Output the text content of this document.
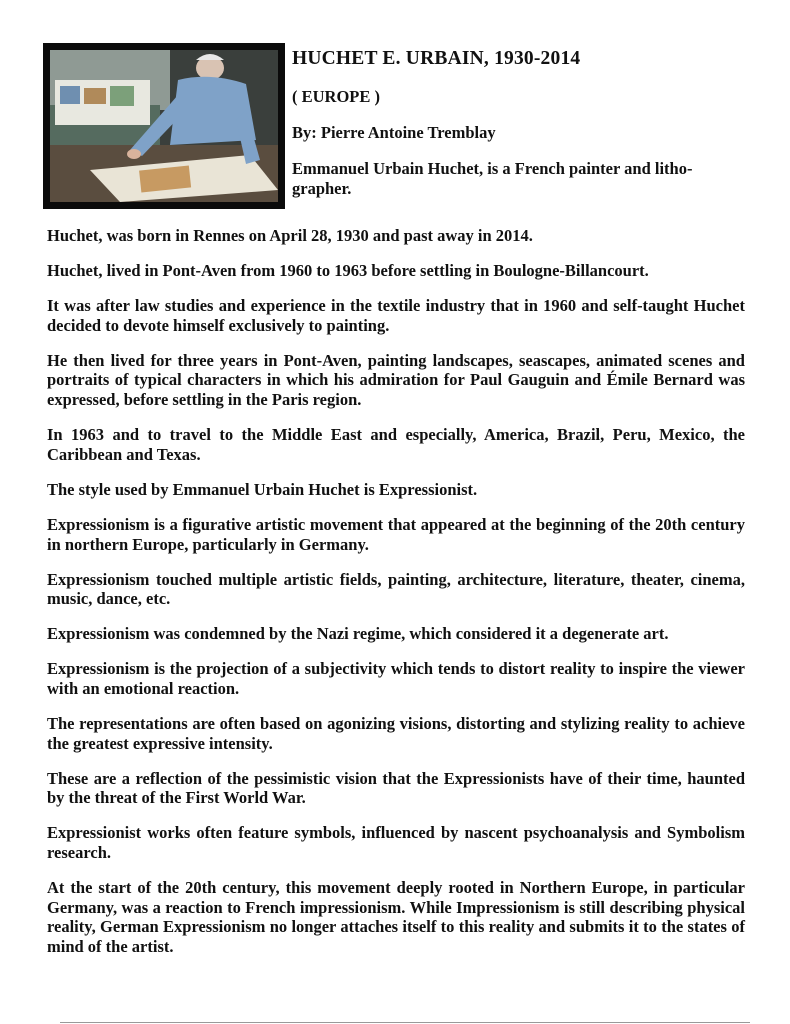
HUCHET E. URBAIN, 1930-2014
( EUROPE )
By: Pierre Antoine Tremblay

Emmanuel Urbain Huchet, is a French painter and litho-
grapher.

Huchet, was born in Rennes on April 28, 1930 and past away in 2014.

Huchet, lived in Pont-Aven from 1960 to 1963 before settling in Boulogne-Billancourt.

It was after law studies and experience in the textile industry that in 1960 and self-taught Huchet decided to devote himself exclusively to painting.

He then lived for three years in Pont-Aven, painting landscapes, seascapes, animated scenes and portraits of typical characters in which his admiration for Paul Gauguin and Émile Bernard was expressed, before settling in the Paris region.

In 1963 and to travel to the Middle East and especially, America, Brazil, Peru, Mexico, the Caribbean and Texas.

The style used by Emmanuel Urbain Huchet is Expressionist.

Expressionism is a figurative artistic movement that appeared at the beginning of the 20th century in northern Europe, particularly in Germany.

Expressionism touched multiple artistic fields, painting, architecture, literature, theater, cinema, music, dance, etc.

Expressionism was condemned by the Nazi regime, which considered it a degenerate art.

Expressionism is the projection of a subjectivity which tends to distort reality to inspire the viewer with an emotional reaction.

The representations are often based on agonizing visions, distorting and stylizing reality to achieve the greatest expressive intensity.

These are a reflection of the pessimistic vision that the Expressionists have of their time, haunted by the threat of the First World War.

Expressionist works often feature symbols, influenced by nascent psychoanalysis and Symbolism research.

At the start of the 20th century, this movement deeply rooted in Northern Europe, in particular Germany, was a reaction to French impressionism. While Impressionism is still describing physical reality, German Expressionism no longer attaches itself to this reality and submits it to the states of mind of the artist.
